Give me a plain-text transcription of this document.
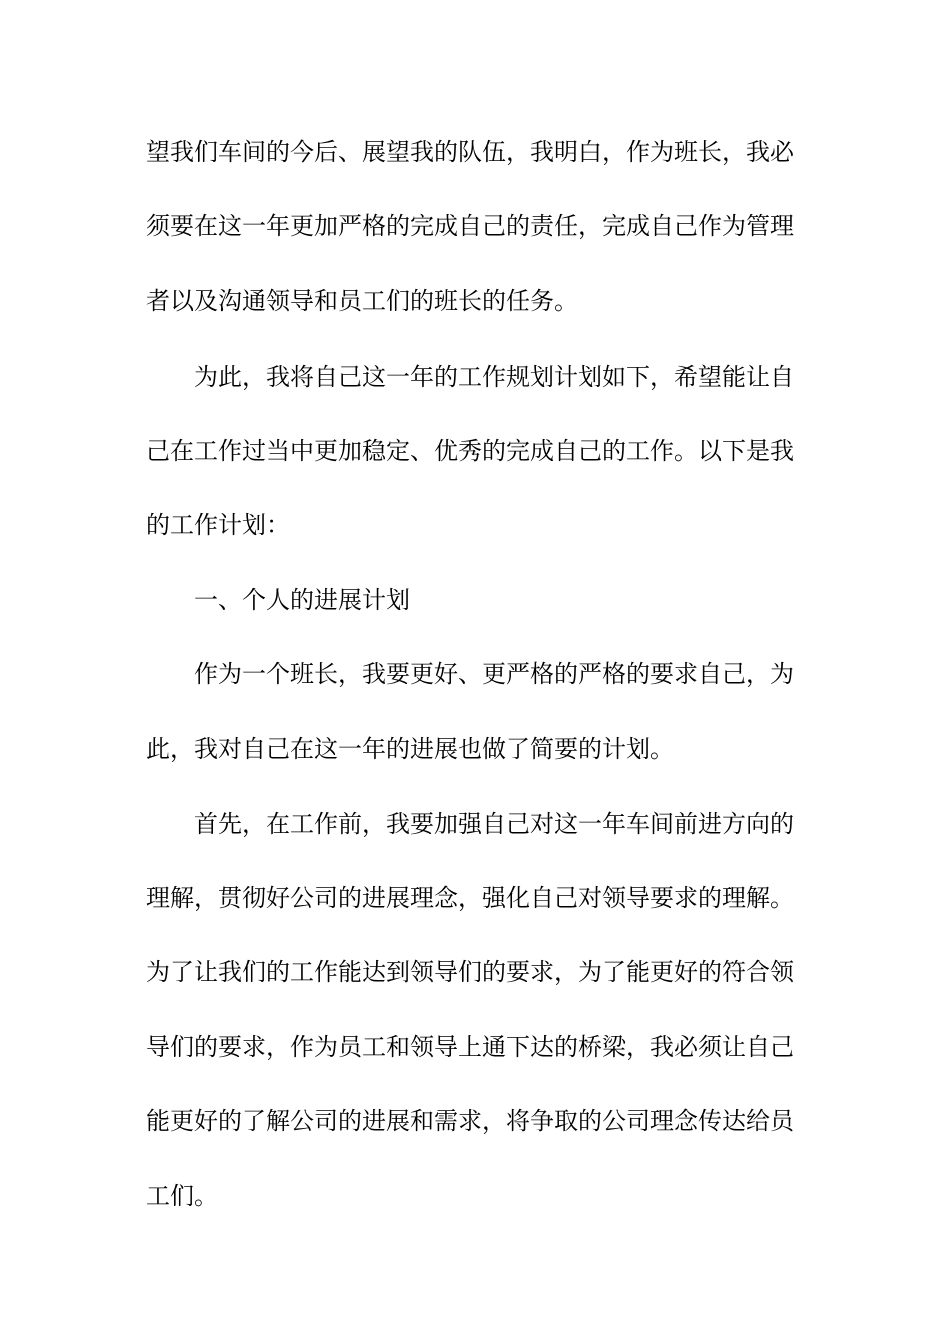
望我们车间的今后、展望我的队伍，我明白，作为班长，我必
须要在这一年更加严格的完成自己的责任，完成自己作为管理
者以及沟通领导和员工们的班长的任务。
为此，我将自己这一年的工作规划计划如下，希望能让自
己在工作过当中更加稳定、优秀的完成自己的工作。以下是我
的工作计划：
一、个人的进展计划
作为一个班长，我要更好、更严格的严格的要求自己，为
此，我对自己在这一年的进展也做了简要的计划。
首先，在工作前，我要加强自己对这一年车间前进方向的
理解，贯彻好公司的进展理念，强化自己对领导要求的理解。
为了让我们的工作能达到领导们的要求，为了能更好的符合领
导们的要求，作为员工和领导上通下达的桥梁，我必须让自己
能更好的了解公司的进展和需求，将争取的公司理念传达给员
工们。
